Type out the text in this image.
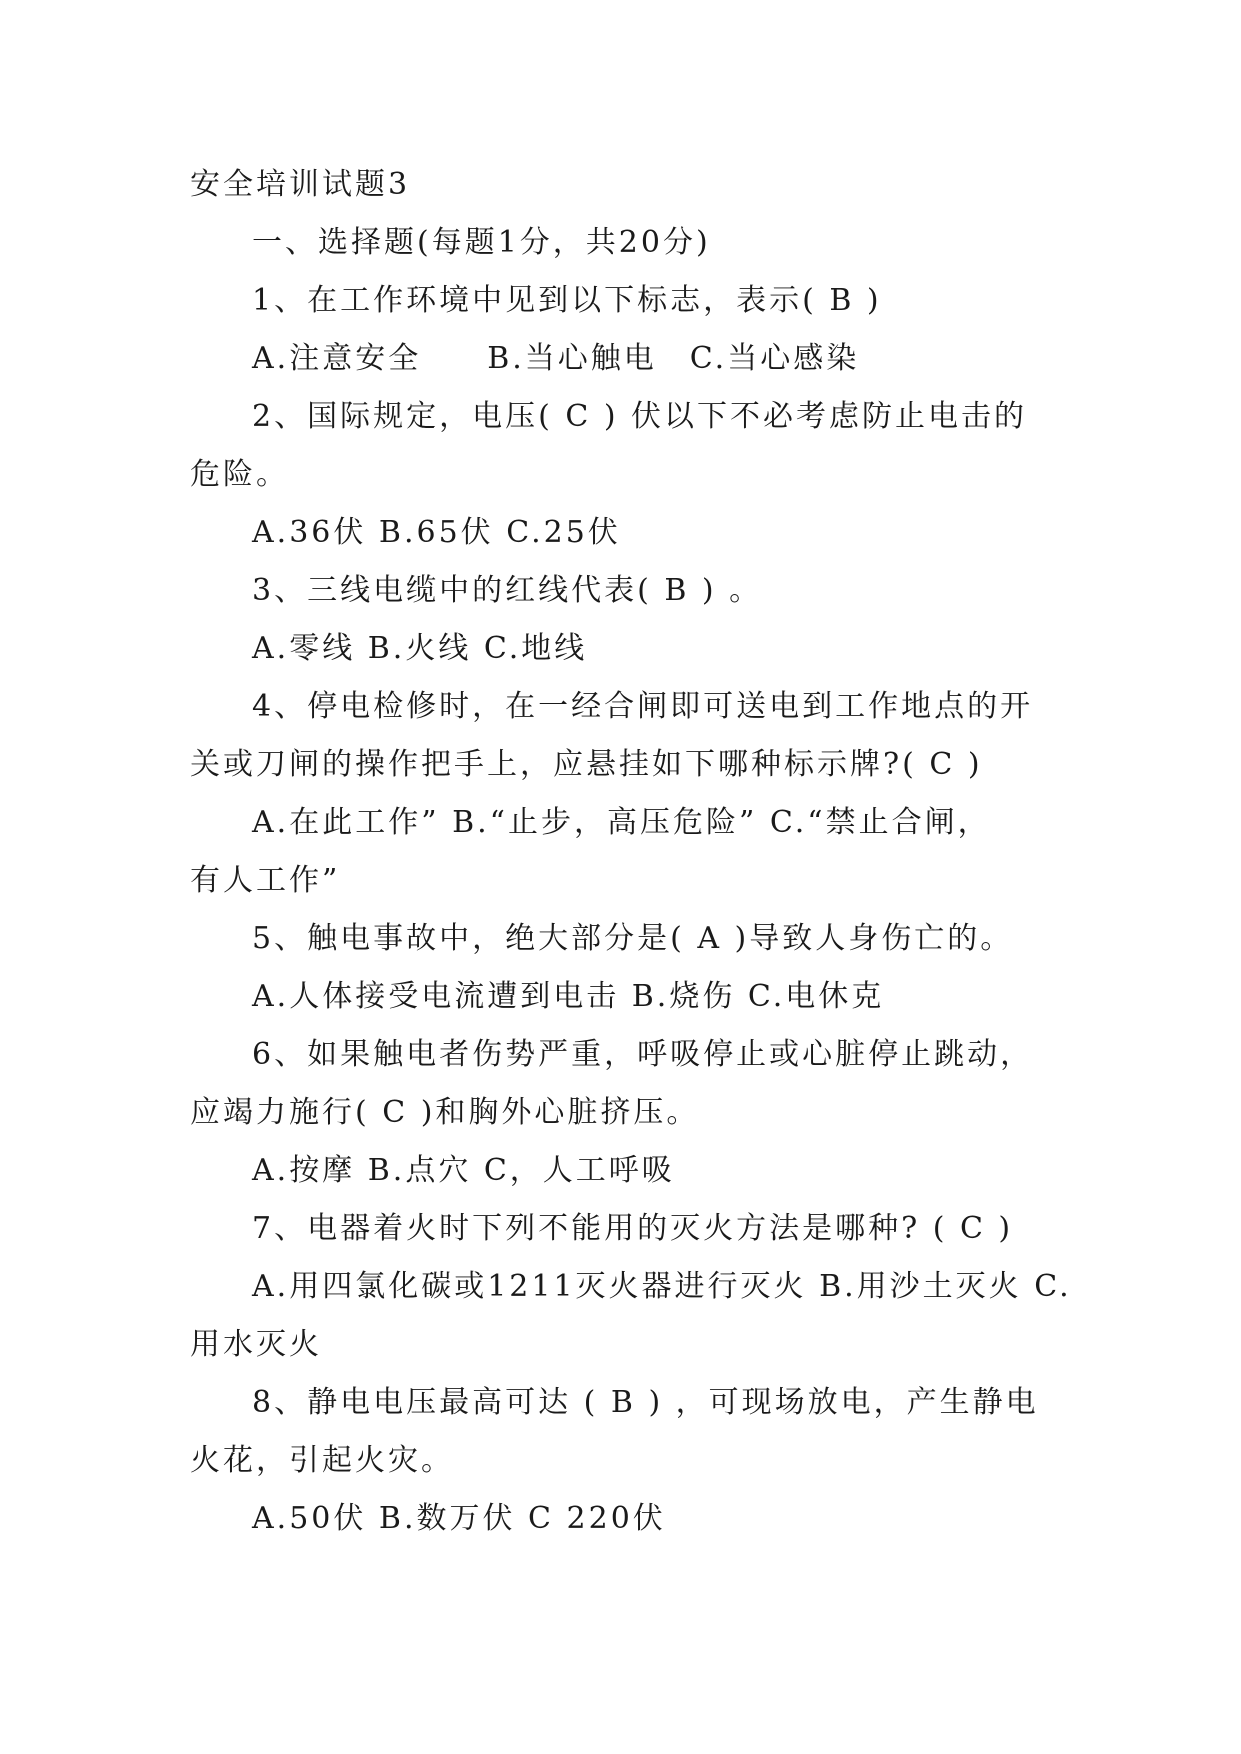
安全培训试题3
一、选择题(每题1分，共20分)
1、在工作环境中见到以下标志，表示( B )
A.注意安全　　B.当心触电　C.当心感染
2、国际规定，电压( C ) 伏以下不必考虑防止电击的
危险。
A.36伏 B.65伏 C.25伏
3、三线电缆中的红线代表( B ) 。
A.零线 B.火线 C.地线
4、停电检修时，在一经合闸即可送电到工作地点的开
关或刀闸的操作把手上，应悬挂如下哪种标示牌?( C )
A.在此工作” B.“止步，高压危险” C.“禁止合闸，
有人工作”
5、触电事故中，绝大部分是( A )导致人身伤亡的。
A.人体接受电流遭到电击 B.烧伤 C.电休克
6、如果触电者伤势严重，呼吸停止或心脏停止跳动，
应竭力施行( C )和胸外心脏挤压。
A.按摩 B.点穴 C，人工呼吸
7、电器着火时下列不能用的灭火方法是哪种? ( C )
A.用四氯化碳或1211灭火器进行灭火 B.用沙土灭火 C.
用水灭火
8、静电电压最高可达 ( B ) ，可现场放电，产生静电
火花，引起火灾。
A.50伏 B.数万伏 C 220伏
